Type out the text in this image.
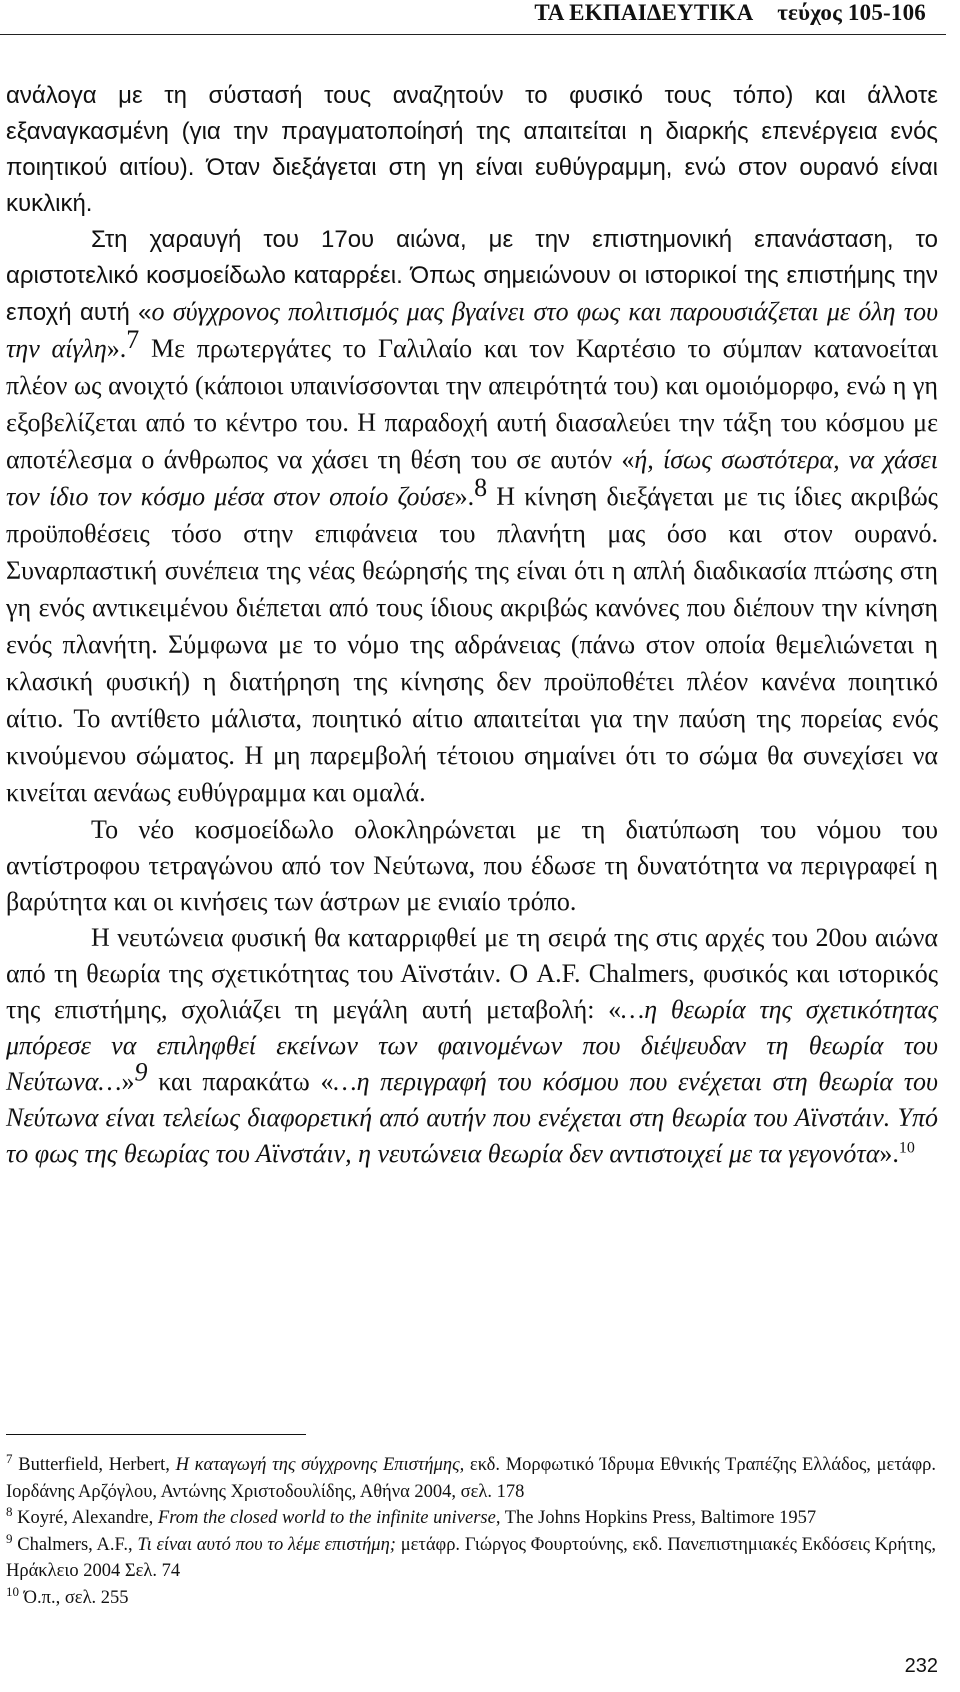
ΤΑ ΕΚΠΑΙΔΕΥΤΙΚΑ τεύχος 105-106

ανάλογα με τη σύστασή τους αναζητούν το φυσικό τους τόπο) και άλλοτε εξαναγκασμένη (για την πραγματοποίησή της απαιτείται η διαρκής επενέργεια ενός ποιητικού αιτίου). Όταν διεξάγεται στη γη είναι ευθύγραμμη, ενώ στον ουρανό είναι κυκλική.

Στη χαραυγή του 17ου αιώνα, με την επιστημονική επανάσταση, το αριστοτελικό κοσμοείδωλο καταρρέει. Όπως σημειώνουν οι ιστορικοί της επιστήμης την εποχή αυτή «ο σύγχρονος πολιτισμός μας βγαίνει στο φως και παρουσιάζεται με όλη του την αίγλη».$^7$ Με πρωτεργάτες το Γαλιλαίο και τον Καρτέσιο το σύμπαν κατανοείται πλέον ως ανοιχτό (κάποιοι υπαινίσσονται την απειρότητά του) και ομοιόμορφο, ενώ η γη εξοβελίζεται από το κέντρο του. Η παραδοχή αυτή διασαλεύει την τάξη του κόσμου με αποτέλεσμα ο άνθρωπος να χάσει τη θέση του σε αυτόν «ή, ίσως σωστότερα, να χάσει τον ίδιο τον κόσμο μέσα στον οποίο ζούσε».$^8$ Η κίνηση διεξάγεται με τις ίδιες ακριβώς προϋποθέσεις τόσο στην επιφάνεια του πλανήτη μας όσο και στον ουρανό. Συναρπαστική συνέπεια της νέας θεώρησής της είναι ότι η απλή διαδικασία πτώσης στη γη ενός αντικειμένου διέπεται από τους ίδιους ακριβώς κανόνες που διέπουν την κίνηση ενός πλανήτη. Σύμφωνα με το νόμο της αδράνειας (πάνω στον οποία θεμελιώνεται η κλασική φυσική) η διατήρηση της κίνησης δεν προϋποθέτει πλέον κανένα ποιητικό αίτιο. Το αντίθετο μάλιστα, ποιητικό αίτιο απαιτείται για την παύση της πορείας ενός κινούμενου σώματος. Η μη παρεμβολή τέτοιου σημαίνει ότι το σώμα θα συνεχίσει να κινείται αενάως ευθύγραμμα και ομαλά.

Το νέο κοσμοείδωλο ολοκληρώνεται με τη διατύπωση του νόμου του αντίστροφου τετραγώνου από τον Νεύτωνα, που έδωσε τη δυνατότητα να περιγραφεί η βαρύτητα και οι κινήσεις των άστρων με ενιαίο τρόπο.

Η νευτώνεια φυσική θα καταρριφθεί με τη σειρά της στις αρχές του 20ου αιώνα από τη θεωρία της σχετικότητας του Αϊνστάιν. Ο A.F. Chalmers, φυσικός και ιστορικός της επιστήμης, σχολιάζει τη μεγάλη αυτή μεταβολή: «…η θεωρία της σχετικότητας μπόρεσε να επιληφθεί εκείνων των φαινομένων που διέψευδαν τη θεωρία του Νεύτωνα…»$^9$ και παρακάτω «…η περιγραφή του κόσμου που ενέχεται στη θεωρία του Νεύτωνα είναι τελείως διαφορετική από αυτήν που ενέχεται στη θεωρία του Αϊνστάιν. Υπό το φως της θεωρίας του Αϊνστάιν, η νευτώνεια θεωρία δεν αντιστοιχεί με τα γεγονότα».$^{10}$

$^7$ Butterfield, Herbert, Η καταγωγή της σύγχρονης Επιστήμης, εκδ. Μορφωτικό Ίδρυμα Εθνικής Τραπέζης Ελλάδος, μετάφρ. Ιορδάνης Αρζόγλου, Αντώνης Χριστοδουλίδης, Αθήνα 2004, σελ. 178

$^8$ Koyré, Alexandre, From the closed world to the infinite universe, The Johns Hopkins Press, Baltimore 1957

$^9$ Chalmers, A.F., Τι είναι αυτό που το λέμε επιστήμη; μετάφρ. Γιώργος Φουρτούνης, εκδ. Πανεπιστημιακές Εκδόσεις Κρήτης, Ηράκλειο 2004 Σελ. 74

$^{10}$ Ό.π., σελ. 255

232
